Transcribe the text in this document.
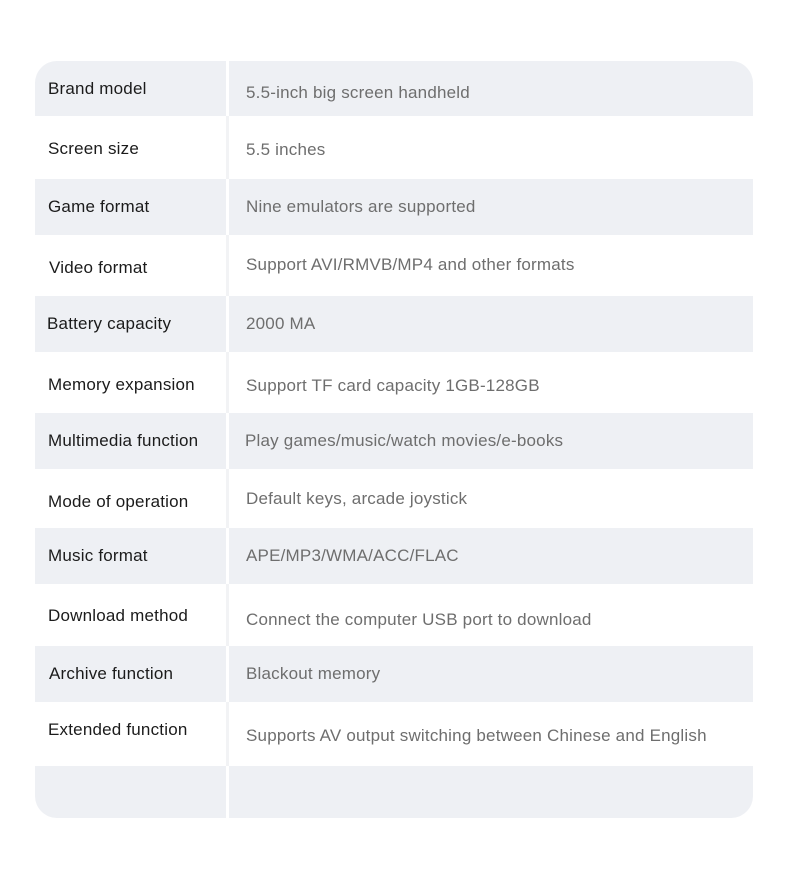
Brand model	5.5-inch big screen handheld
Screen size	5.5 inches
Game format	Nine emulators are supported
Video format	Support AVI/RMVB/MP4 and other formats
Battery capacity	2000 MA
Memory expansion	Support TF card capacity 1GB-128GB
Multimedia function	Play games/music/watch movies/e-books
Mode of operation	Default keys, arcade joystick
Music format	APE/MP3/WMA/ACC/FLAC
Download method	Connect the computer USB port to download
Archive function	Blackout memory
Extended function	Supports AV output switching between Chinese and English
